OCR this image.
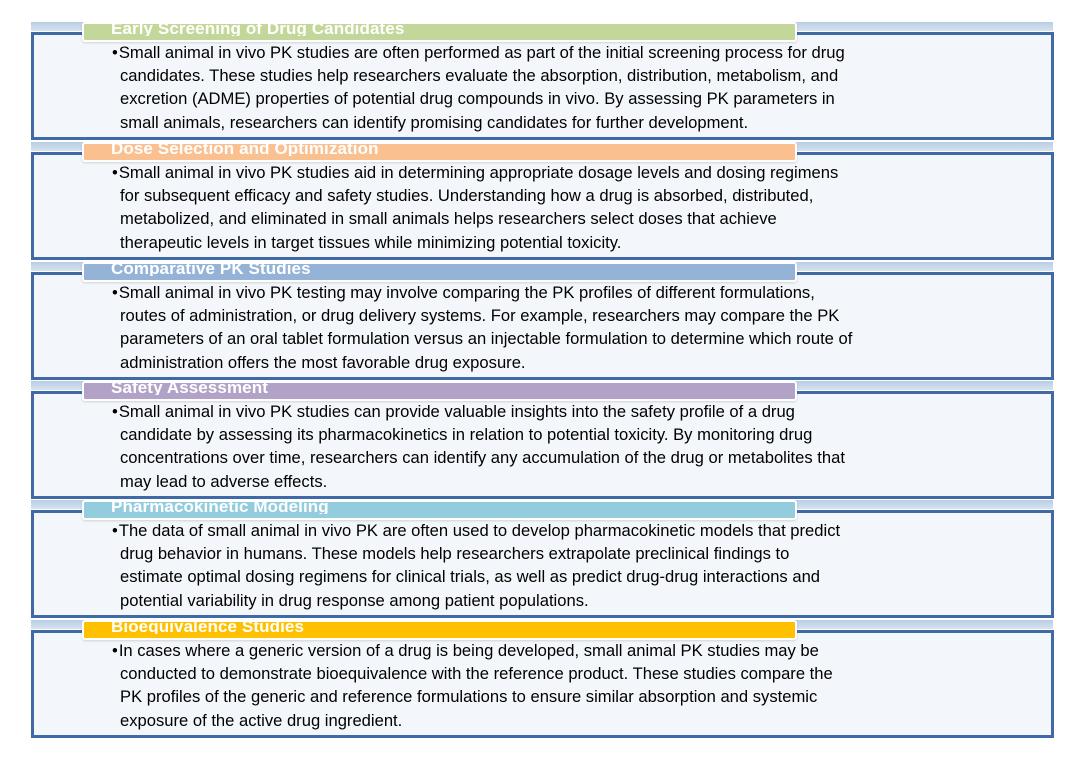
Early Screening of Drug Candidates
•Small animal in vivo PK studies are often performed as part of the initial screening process for drug
candidates. These studies help researchers evaluate the absorption, distribution, metabolism, and
excretion (ADME) properties of potential drug compounds in vivo. By assessing PK parameters in
small animals, researchers can identify promising candidates for further development.
Dose Selection and Optimization
•Small animal in vivo PK studies aid in determining appropriate dosage levels and dosing regimens
for subsequent efficacy and safety studies. Understanding how a drug is absorbed, distributed,
metabolized, and eliminated in small animals helps researchers select doses that achieve
therapeutic levels in target tissues while minimizing potential toxicity.
Comparative PK Studies
•Small animal in vivo PK testing may involve comparing the PK profiles of different formulations,
routes of administration, or drug delivery systems. For example, researchers may compare the PK
parameters of an oral tablet formulation versus an injectable formulation to determine which route of
administration offers the most favorable drug exposure.
Safety Assessment
•Small animal in vivo PK studies can provide valuable insights into the safety profile of a drug
candidate by assessing its pharmacokinetics in relation to potential toxicity. By monitoring drug
concentrations over time, researchers can identify any accumulation of the drug or metabolites that
may lead to adverse effects.
Pharmacokinetic Modeling
•The data of small animal in vivo PK are often used to develop pharmacokinetic models that predict
drug behavior in humans. These models help researchers extrapolate preclinical findings to
estimate optimal dosing regimens for clinical trials, as well as predict drug-drug interactions and
potential variability in drug response among patient populations.
Bioequivalence Studies
•In cases where a generic version of a drug is being developed, small animal PK studies may be
conducted to demonstrate bioequivalence with the reference product. These studies compare the
PK profiles of the generic and reference formulations to ensure similar absorption and systemic
exposure of the active drug ingredient.
